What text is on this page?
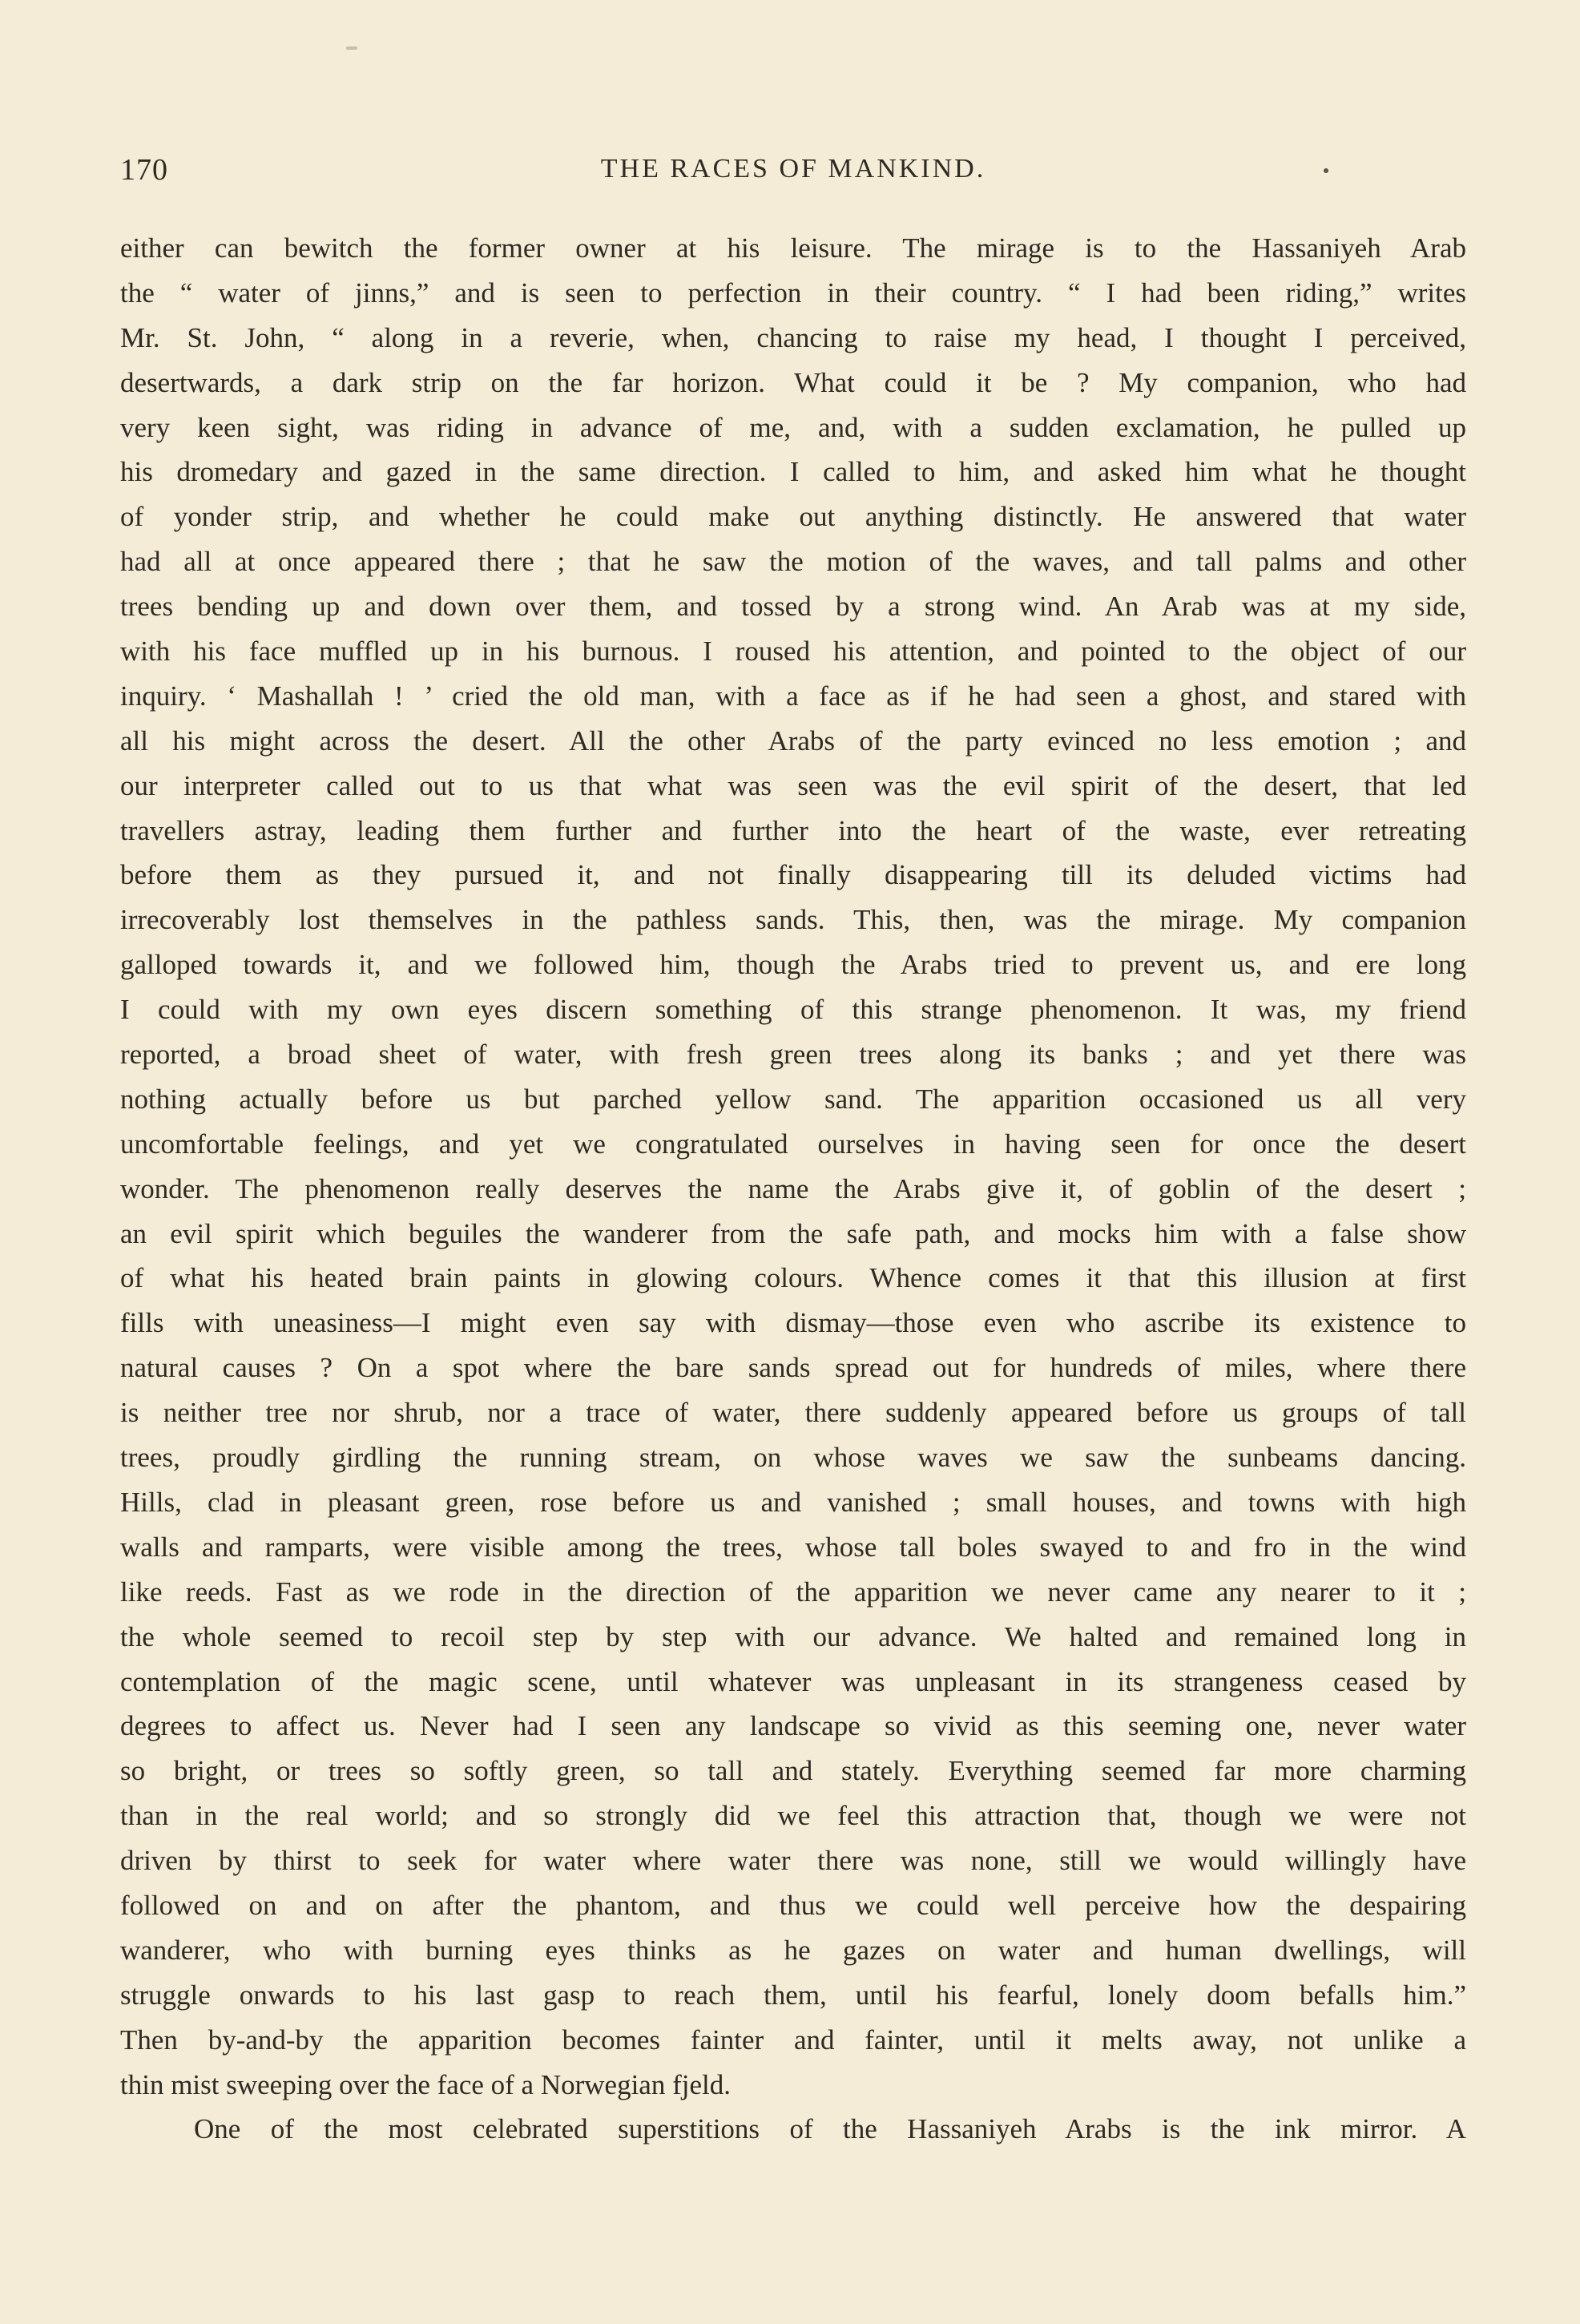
170	THE RACES OF MANKIND.
either can bewitch the former owner at his leisure. The mirage is to the Hassaniyeh Arab
the “ water of jinns,” and is seen to perfection in their country. “ I had been riding,” writes
Mr. St. John, “ along in a reverie, when, chancing to raise my head, I thought I perceived,
desertwards, a dark strip on the far horizon. What could it be ? My companion, who had
very keen sight, was riding in advance of me, and, with a sudden exclamation, he pulled up
his dromedary and gazed in the same direction. I called to him, and asked him what he thought
of yonder strip, and whether he could make out anything distinctly. He answered that water
had all at once appeared there ; that he saw the motion of the waves, and tall palms and other
trees bending up and down over them, and tossed by a strong wind. An Arab was at my side,
with his face muffled up in his burnous. I roused his attention, and pointed to the object of our
inquiry. ‘ Mashallah ! ’ cried the old man, with a face as if he had seen a ghost, and stared with
all his might across the desert. All the other Arabs of the party evinced no less emotion ; and
our interpreter called out to us that what was seen was the evil spirit of the desert, that led
travellers astray, leading them further and further into the heart of the waste, ever retreating
before them as they pursued it, and not finally disappearing till its deluded victims had
irrecoverably lost themselves in the pathless sands. This, then, was the mirage. My companion
galloped towards it, and we followed him, though the Arabs tried to prevent us, and ere long
I could with my own eyes discern something of this strange phenomenon. It was, my friend
reported, a broad sheet of water, with fresh green trees along its banks ; and yet there was
nothing actually before us but parched yellow sand. The apparition occasioned us all very
uncomfortable feelings, and yet we congratulated ourselves in having seen for once the desert
wonder. The phenomenon really deserves the name the Arabs give it, of goblin of the desert ;
an evil spirit which beguiles the wanderer from the safe path, and mocks him with a false show
of what his heated brain paints in glowing colours. Whence comes it that this illusion at first
fills with uneasiness—I might even say with dismay—those even who ascribe its existence to
natural causes ? On a spot where the bare sands spread out for hundreds of miles, where there
is neither tree nor shrub, nor a trace of water, there suddenly appeared before us groups of tall
trees, proudly girdling the running stream, on whose waves we saw the sunbeams dancing.
Hills, clad in pleasant green, rose before us and vanished ; small houses, and towns with high
walls and ramparts, were visible among the trees, whose tall boles swayed to and fro in the wind
like reeds. Fast as we rode in the direction of the apparition we never came any nearer to it ;
the whole seemed to recoil step by step with our advance. We halted and remained long in
contemplation of the magic scene, until whatever was unpleasant in its strangeness ceased by
degrees to affect us. Never had I seen any landscape so vivid as this seeming one, never water
so bright, or trees so softly green, so tall and stately. Everything seemed far more charming
than in the real world; and so strongly did we feel this attraction that, though we were not
driven by thirst to seek for water where water there was none, still we would willingly have
followed on and on after the phantom, and thus we could well perceive how the despairing
wanderer, who with burning eyes thinks as he gazes on water and human dwellings, will
struggle onwards to his last gasp to reach them, until his fearful, lonely doom befalls him.”
Then by-and-by the apparition becomes fainter and fainter, until it melts away, not unlike a
thin mist sweeping over the face of a Norwegian fjeld.
One of the most celebrated superstitions of the Hassaniyeh Arabs is the ink mirror. A
